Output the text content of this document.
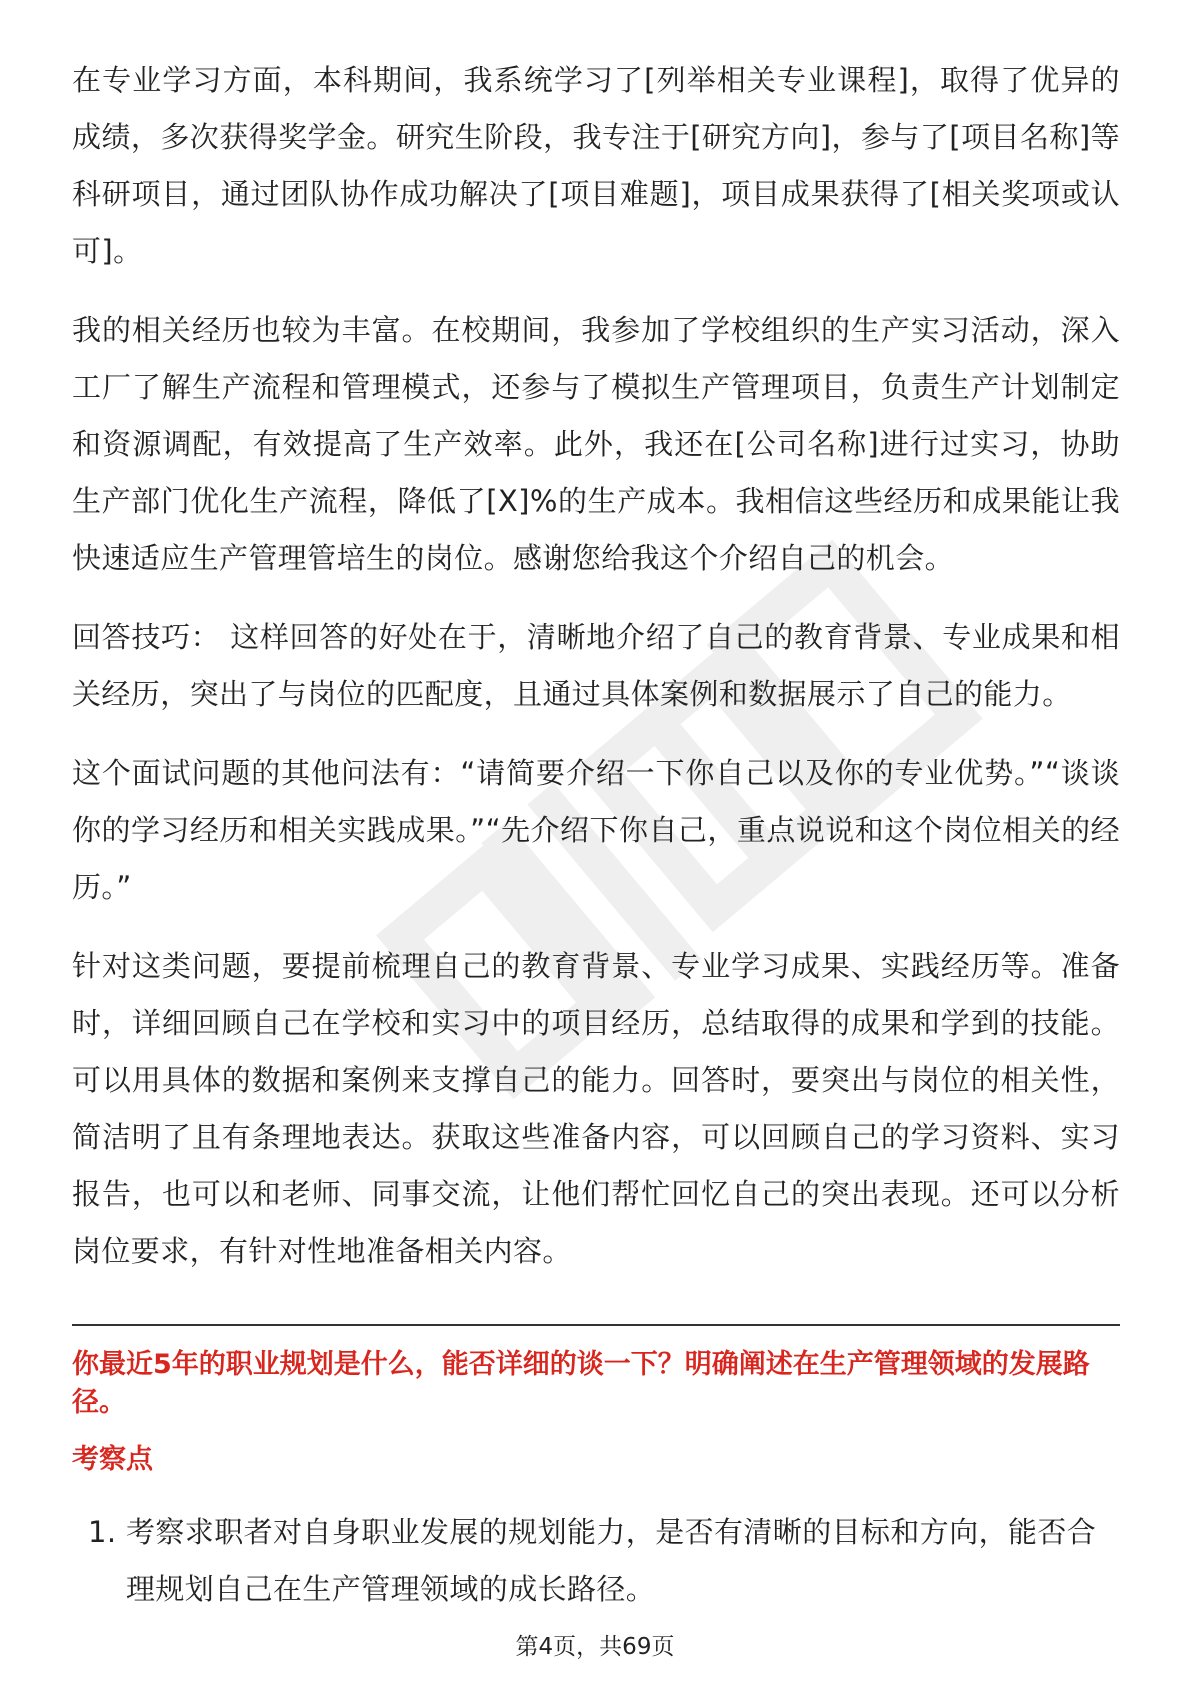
在专业学习方面，本科期间，我系统学习了[列举相关专业课程]，取得了优异的成绩，多次获得奖学金。研究生阶段，我专注于[研究方向]，参与了[项目名称]等科研项目，通过团队协作成功解决了[项目难题]，项目成果获得了[相关奖项或认可]。

我的相关经历也较为丰富。在校期间，我参加了学校组织的生产实习活动，深入工厂了解生产流程和管理模式，还参与了模拟生产管理项目，负责生产计划制定和资源调配，有效提高了生产效率。此外，我还在[公司名称]进行过实习，协助生产部门优化生产流程，降低了[X]%的生产成本。我相信这些经历和成果能让我快速适应生产管理管培生的岗位。感谢您给我这个介绍自己的机会。

回答技巧： 这样回答的好处在于，清晰地介绍了自己的教育背景、专业成果和相关经历，突出了与岗位的匹配度，且通过具体案例和数据展示了自己的能力。

这个面试问题的其他问法有：“请简要介绍一下你自己以及你的专业优势。”“谈谈你的学习经历和相关实践成果。”“先介绍下你自己，重点说说和这个岗位相关的经历。”

针对这类问题，要提前梳理自己的教育背景、专业学习成果、实践经历等。准备时，详细回顾自己在学校和实习中的项目经历，总结取得的成果和学到的技能。可以用具体的数据和案例来支撑自己的能力。回答时，要突出与岗位的相关性，简洁明了且有条理地表达。获取这些准备内容，可以回顾自己的学习资料、实习报告，也可以和老师、同事交流，让他们帮忙回忆自己的突出表现。还可以分析岗位要求，有针对性地准备相关内容。

你最近5年的职业规划是什么，能否详细的谈一下？明确阐述在生产管理领域的发展路径。
考察点
1. 考察求职者对自身职业发展的规划能力，是否有清晰的目标和方向，能否合理规划自己在生产管理领域的成长路径。
第4页，共69页
